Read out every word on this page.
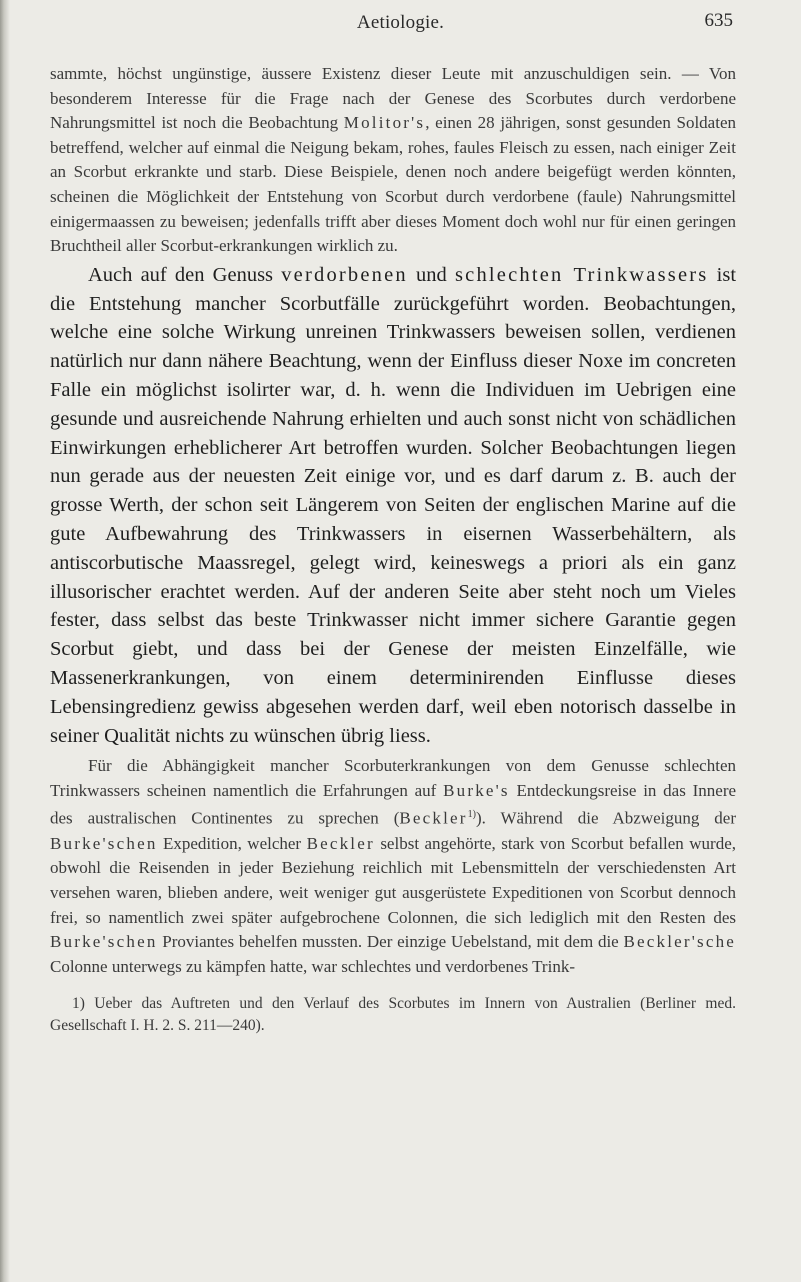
Aetiologie.	635

sammte, höchst ungünstige, äussere Existenz dieser Leute mit anzuschuldigen sein. — Von besonderem Interesse für die Frage nach der Genese des Scorbutes durch verdorbene Nahrungsmittel ist noch die Beobachtung Molitor's, einen 28 jährigen, sonst gesunden Soldaten betreffend, welcher auf einmal die Neigung bekam, rohes, faules Fleisch zu essen, nach einiger Zeit an Scorbut erkrankte und starb. Diese Beispiele, denen noch andere beigefügt werden könnten, scheinen die Möglichkeit der Entstehung von Scorbut durch verdorbene (faule) Nahrungsmittel einigermaassen zu beweisen; jedenfalls trifft aber dieses Moment doch wohl nur für einen geringen Bruchtheil aller Scorbut-erkrankungen wirklich zu.

Auch auf den Genuss verdorbenen und schlechten Trinkwassers ist die Entstehung mancher Scorbutfälle zurückgeführt worden. Beobachtungen, welche eine solche Wirkung unreinen Trinkwassers beweisen sollen, verdienen natürlich nur dann nähere Beachtung, wenn der Einfluss dieser Noxe im concreten Falle ein möglichst isolirter war, d. h. wenn die Individuen im Uebrigen eine gesunde und ausreichende Nahrung erhielten und auch sonst nicht von schädlichen Einwirkungen erheblicherer Art betroffen wurden. Solcher Beobachtungen liegen nun gerade aus der neuesten Zeit einige vor, und es darf darum z. B. auch der grosse Werth, der schon seit Längerem von Seiten der englischen Marine auf die gute Aufbewahrung des Trinkwassers in eisernen Wasserbehältern, als antiscorbutische Maassregel, gelegt wird, keineswegs a priori als ein ganz illusorischer erachtet werden. Auf der anderen Seite aber steht noch um Vieles fester, dass selbst das beste Trinkwasser nicht immer sichere Garantie gegen Scorbut giebt, und dass bei der Genese der meisten Einzelfälle, wie Massenerkrankungen, von einem determinirenden Einflusse dieses Lebensingredienz gewiss abgesehen werden darf, weil eben notorisch dasselbe in seiner Qualität nichts zu wünschen übrig liess.

Für die Abhängigkeit mancher Scorbuterkrankungen von dem Genusse schlechten Trinkwassers scheinen namentlich die Erfahrungen auf Burke's Entdeckungsreise in das Innere des australischen Continentes zu sprechen (Beckler$^{1)}$). Während die Abzweigung der Burke'schen Expedition, welcher Beckler selbst angehörte, stark von Scorbut befallen wurde, obwohl die Reisenden in jeder Beziehung reichlich mit Lebensmitteln der verschiedensten Art versehen waren, blieben andere, weit weniger gut ausgerüstete Expeditionen von Scorbut dennoch frei, so namentlich zwei später aufgebrochene Colonnen, die sich lediglich mit den Resten des Burke'schen Proviantes behelfen mussten. Der einzige Uebelstand, mit dem die Beckler'sche Colonne unterwegs zu kämpfen hatte, war schlechtes und verdorbenes Trink-

1) Ueber das Auftreten und den Verlauf des Scorbutes im Innern von Australien (Berliner med. Gesellschaft I. H. 2. S. 211—240).
